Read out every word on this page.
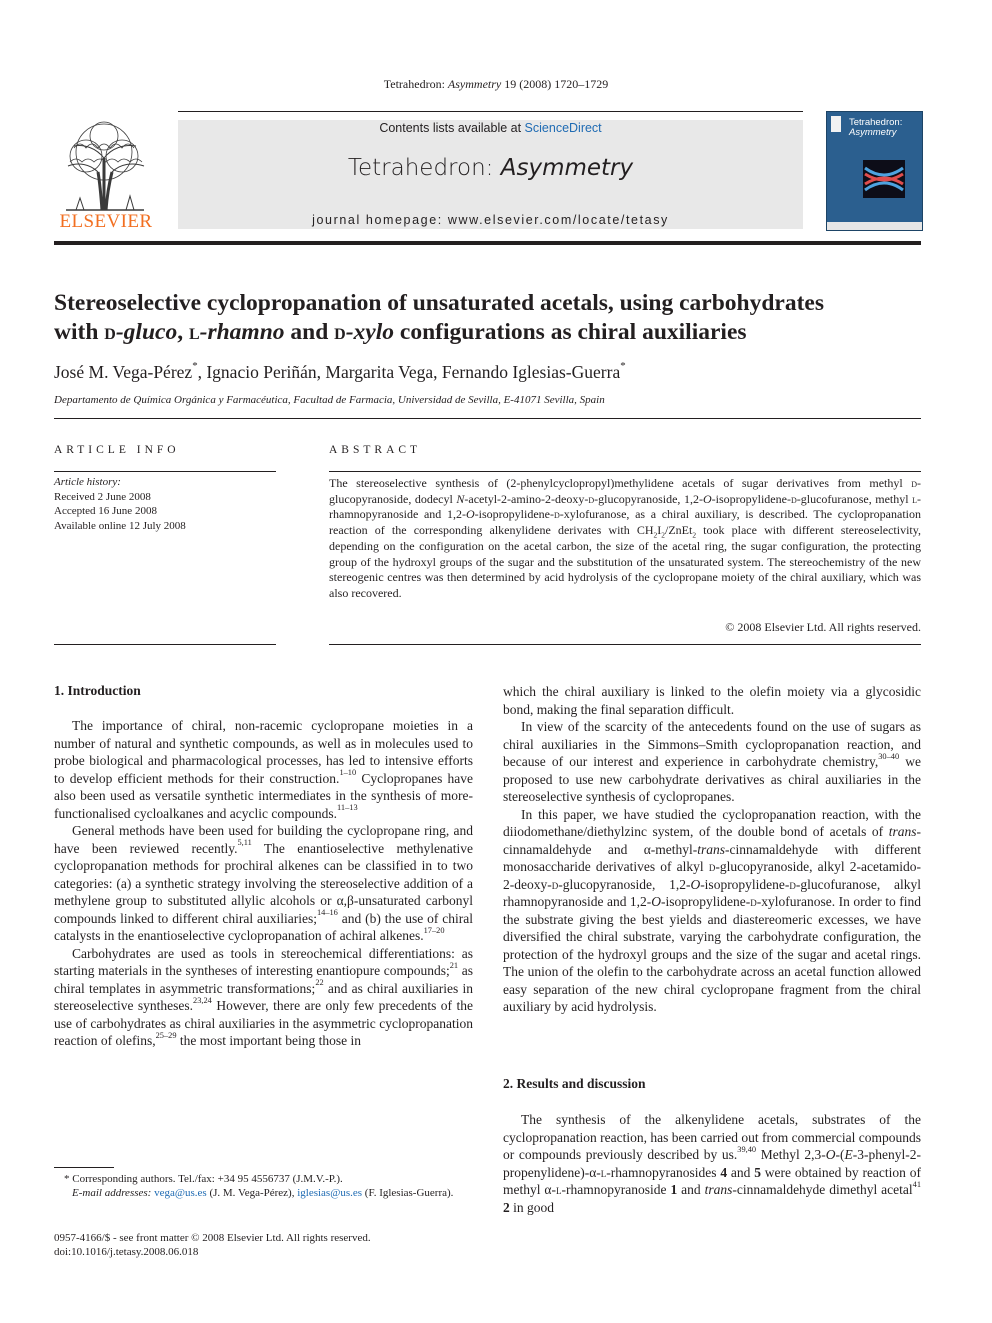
Tetrahedron: Asymmetry 19 (2008) 1720–1729
ELSEVIER
Contents lists available at ScienceDirect
Tetrahedron: Asymmetry
journal homepage: www.elsevier.com/locate/tetasy
Tetrahedron:
Asymmetry
Stereoselective cyclopropanation of unsaturated acetals, using carbohydrates
with d-gluco, l-rhamno and d-xylo configurations as chiral auxiliaries
José M. Vega-Pérez*, Ignacio Periñán, Margarita Vega, Fernando Iglesias-Guerra*
Departamento de Química Orgánica y Farmacéutica, Facultad de Farmacia, Universidad de Sevilla, E-41071 Sevilla, Spain
ARTICLE INFO
Article history:
Received 2 June 2008
Accepted 16 June 2008
Available online 12 July 2008
ABSTRACT
The stereoselective synthesis of (2-phenylcyclopropyl)methylidene acetals of sugar derivatives from methyl d-glucopyranoside, dodecyl N-acetyl-2-amino-2-deoxy-d-glucopyranoside, 1,2-O-isopropylidene-d-glucofuranose, methyl l-rhamnopyranoside and 1,2-O-isopropylidene-d-xylofuranose, as a chiral auxiliary, is described. The cyclopropanation reaction of the corresponding alkenylidene derivates with $CH_2I_2/ZnEt_2$ took place with different stereoselectivity, depending on the configuration on the acetal carbon, the size of the acetal ring, the sugar configuration, the protecting group of the hydroxyl groups of the sugar and the substitution of the unsaturated system. The stereochemistry of the new stereogenic centres was then determined by acid hydrolysis of the cyclopropane moiety of the chiral auxiliary, which was also recovered.
© 2008 Elsevier Ltd. All rights reserved.
1. Introduction

The importance of chiral, non-racemic cyclopropane moieties in a number of natural and synthetic compounds, as well as in molecules used to probe biological and pharmacological processes, has led to intensive efforts to develop efficient methods for their construction.$^{1-10}$ Cyclopropanes have also been used as versatile synthetic intermediates in the synthesis of more-functionalised cycloalkanes and acyclic compounds.$^{11-13}$

General methods have been used for building the cyclopropane ring, and have been reviewed recently.$^{5,11}$ The enantioselective methylenative cyclopropanation methods for prochiral alkenes can be classified in to two categories: (a) a synthetic strategy involving the stereoselective addition of a methylene group to substituted allylic alcohols or α,β-unsaturated carbonyl compounds linked to different chiral auxiliaries;$^{14-16}$ and (b) the use of chiral catalysts in the enantioselective cyclopropanation of achiral alkenes.$^{17-20}$

Carbohydrates are used as tools in stereochemical differentiations: as starting materials in the syntheses of interesting enantiopure compounds;$^{21}$ as chiral templates in asymmetric transformations;$^{22}$ and as chiral auxiliaries in stereoselective syntheses.$^{23,24}$ However, there are only few precedents of the use of carbohydrates as chiral auxiliaries in the asymmetric cyclopropanation reaction of olefins,$^{25-29}$ the most important being those in

which the chiral auxiliary is linked to the olefin moiety via a glycosidic bond, making the final separation difficult.

In view of the scarcity of the antecedents found on the use of sugars as chiral auxiliaries in the Simmons–Smith cyclopropanation reaction, and because of our interest and experience in carbohydrate chemistry,$^{30-40}$ we proposed to use new carbohydrate derivatives as chiral auxiliaries in the stereoselective synthesis of cyclopropanes.

In this paper, we have studied the cyclopropanation reaction, with the diiodomethane/diethylzinc system, of the double bond of acetals of trans-cinnamaldehyde and α-methyl-trans-cinnamaldehyde with different monosaccharide derivatives of alkyl d-glucopyranoside, alkyl 2-acetamido-2-deoxy-d-glucopyranoside, 1,2-O-isopropylidene-d-glucofuranose, alkyl rhamnopyranoside and 1,2-O-isopropylidene-d-xylofuranose. In order to find the substrate giving the best yields and diastereomeric excesses, we have diversified the chiral substrate, varying the carbohydrate configuration, the protection of the hydroxyl groups and the size of the sugar and acetal rings. The union of the olefin to the carbohydrate across an acetal function allowed easy separation of the new chiral cyclopropane fragment from the chiral auxiliary by acid hydrolysis.

2. Results and discussion

The synthesis of the alkenylidene acetals, substrates of the cyclopropanation reaction, has been carried out from commercial compounds or compounds previously described by us.$^{39,40}$ Methyl 2,3-O-(E-3-phenyl-2-propenylidene)-α-l-rhamnopyranosides 4 and 5 were obtained by reaction of methyl α-l-rhamnopyranoside 1 and trans-cinnamaldehyde dimethyl acetal$^{41}$ 2 in good

* Corresponding authors. Tel./fax: +34 95 4556737 (J.M.V.-P.).
E-mail addresses: vega@us.es (J. M. Vega-Pérez), iglesias@us.es (F. Iglesias-Guerra).
0957-4166/$ - see front matter © 2008 Elsevier Ltd. All rights reserved.
doi:10.1016/j.tetasy.2008.06.018
